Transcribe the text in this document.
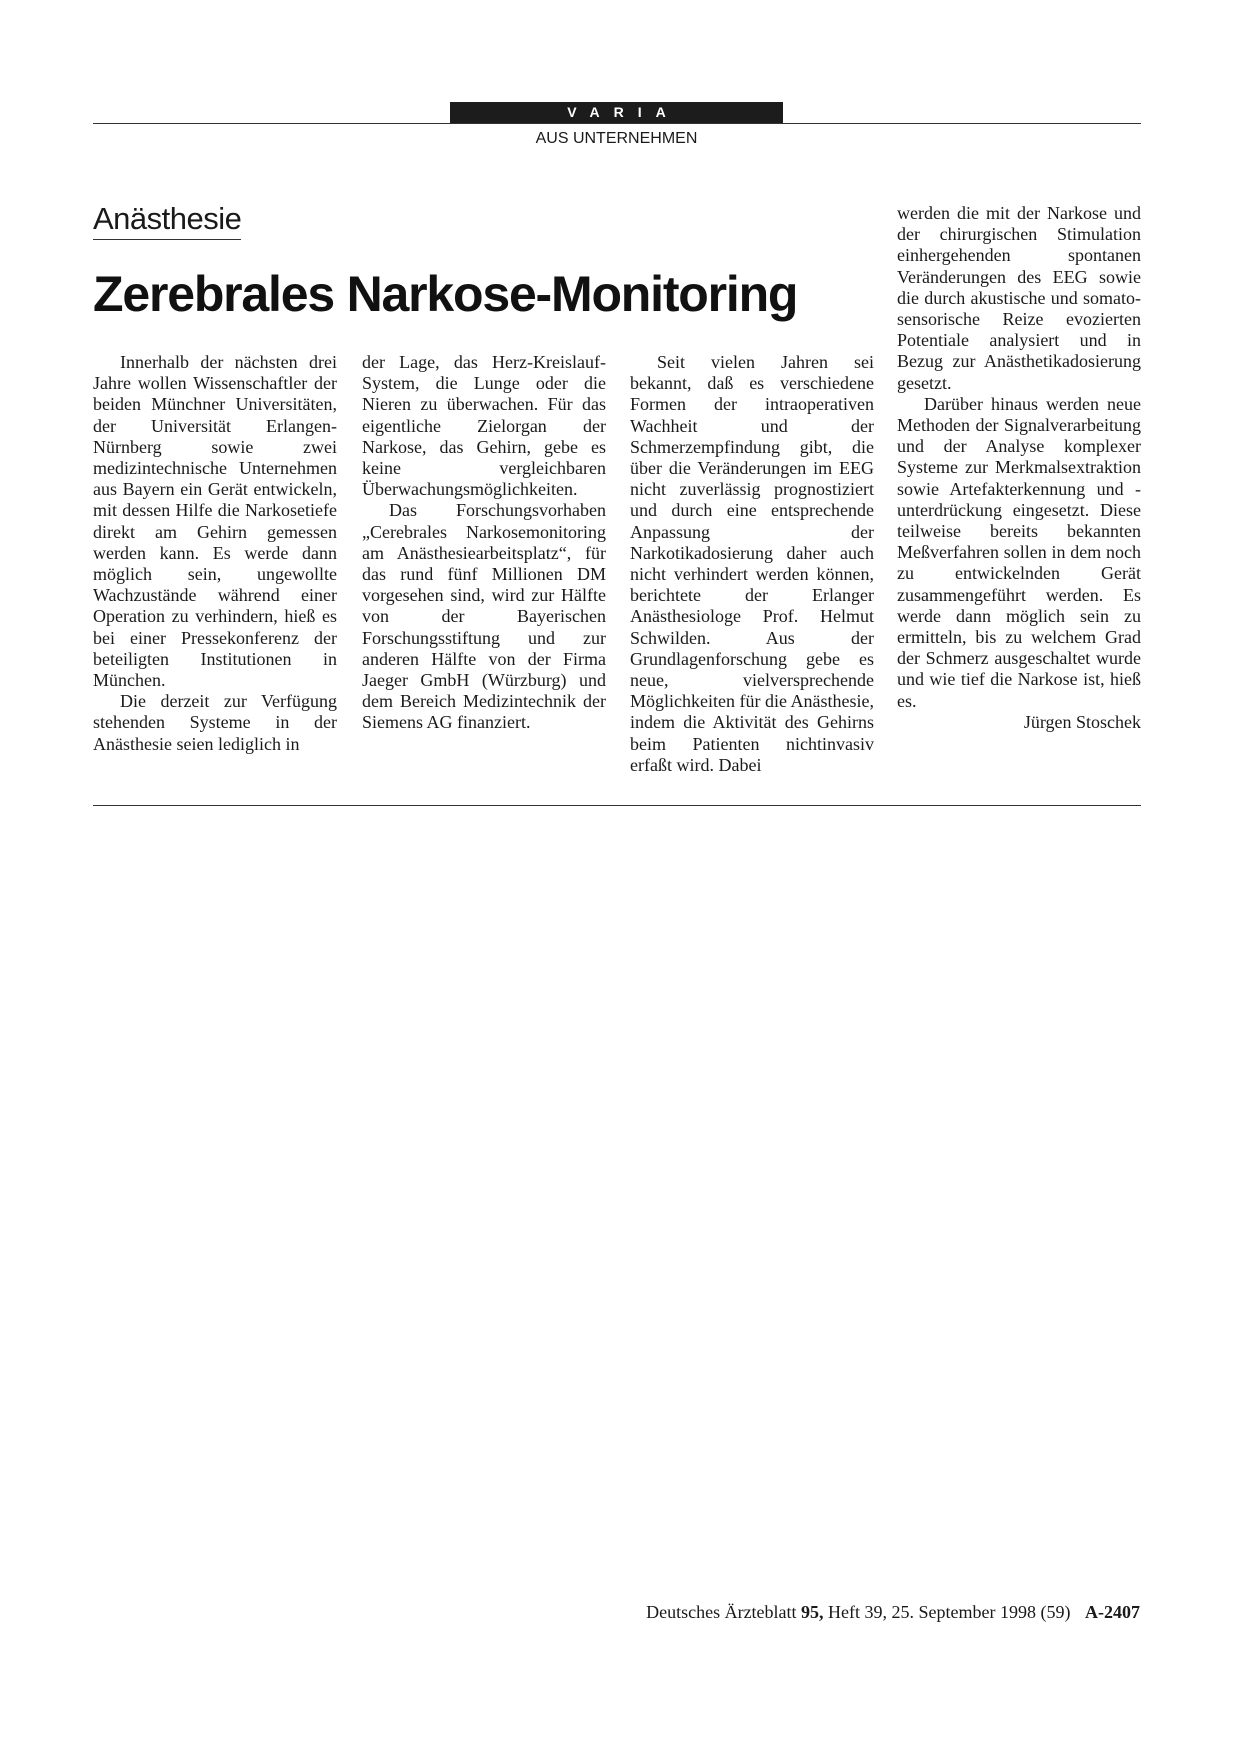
VARIA
AUS UNTERNEHMEN
Anästhesie
Zerebrales Narkose-Monitoring

Innerhalb der nächsten drei Jahre wollen Wissenschaftler der beiden Münchner Universitäten, der Universität Erlangen-Nürnberg sowie zwei medizintechnische Unternehmen aus Bayern ein Gerät entwickeln, mit dessen Hilfe die Narkosetiefe direkt am Gehirn gemessen werden kann. Es werde dann möglich sein, ungewollte Wachzustände während einer Operation zu verhindern, hieß es bei einer Pressekonferenz der beteiligten Institutionen in München.

Die derzeit zur Verfügung stehenden Systeme in der Anästhesie seien lediglich in

der Lage, das Herz-Kreislauf-System, die Lunge oder die Nieren zu überwachen. Für das eigentliche Zielorgan der Narkose, das Gehirn, gebe es keine vergleichbaren Überwachungsmöglichkeiten.

Das Forschungsvorhaben „Cerebrales Narkosemonitoring am Anästhesiearbeitsplatz“, für das rund fünf Millionen DM vorgesehen sind, wird zur Hälfte von der Bayerischen Forschungsstiftung und zur anderen Hälfte von der Firma Jaeger GmbH (Würzburg) und dem Bereich Medizintechnik der Siemens AG finanziert.

Seit vielen Jahren sei bekannt, daß es verschiedene Formen der intraoperativen Wachheit und der Schmerzempfindung gibt, die über die Veränderungen im EEG nicht zuverlässig prognostiziert und durch eine entsprechende Anpassung der Narkotikadosierung daher auch nicht verhindert werden können, berichtete der Erlanger Anästhesiologe Prof. Helmut Schwilden. Aus der Grundlagenforschung gebe es neue, vielversprechende Möglichkeiten für die Anästhesie, indem die Aktivität des Gehirns beim Patienten nichtinvasiv erfaßt wird. Dabei

werden die mit der Narkose und der chirurgischen Stimulation einhergehenden spontanen Veränderungen des EEG sowie die durch akustische und somato-sensorische Reize evozierten Potentiale analysiert und in Bezug zur Anästhetikadosierung gesetzt.

Darüber hinaus werden neue Methoden der Signalverarbeitung und der Analyse komplexer Systeme zur Merkmalsextraktion sowie Artefakterkennung und -unterdrückung eingesetzt. Diese teilweise bereits bekannten Meßverfahren sollen in dem noch zu entwickelnden Gerät zusammengeführt werden. Es werde dann möglich sein zu ermitteln, bis zu welchem Grad der Schmerz ausgeschaltet wurde und wie tief die Narkose ist, hieß es.

Jürgen Stoschek

Deutsches Ärzteblatt 95, Heft 39, 25. September 1998 (59) A-2407
